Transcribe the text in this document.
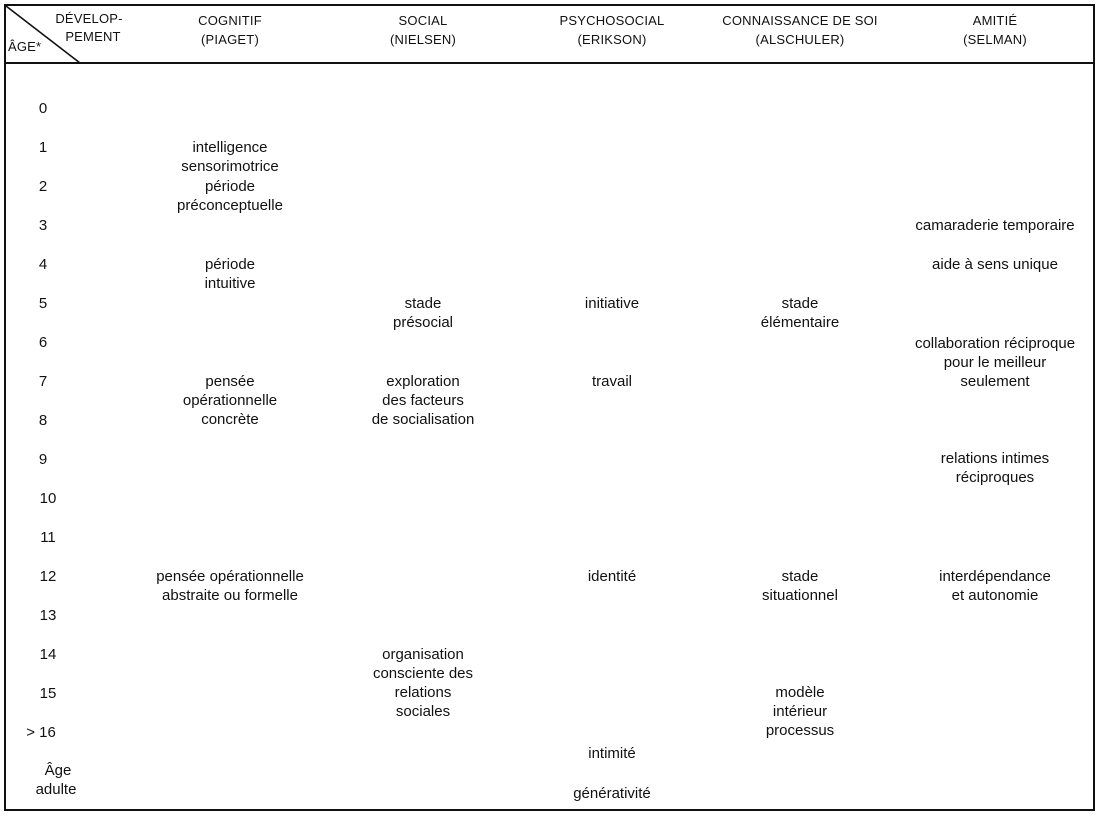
DÉVELOP-
PEMENT
ÂGE*
COGNITIF
(PIAGET)
SOCIAL
(NIELSEN)
PSYCHOSOCIAL
(ERIKSON)
CONNAISSANCE DE SOI
(ALSCHULER)
AMITIÉ
(SELMAN)
0
1
2
3
4
5
6
7
8
9
10
11
12
13
14
15
> 16
Âge
adulte
intelligence
sensorimotrice
période
préconceptuelle
période
intuitive
pensée
opérationnelle
concrète
pensée opérationnelle
abstraite ou formelle
stade
présocial
exploration
des facteurs
de socialisation
organisation
consciente des
relations
sociales
initiative
travail
identité
intimité
générativité
stade
élémentaire
stade
situationnel
modèle
intérieur
processus
camaraderie temporaire
aide à sens unique
collaboration réciproque
pour le meilleur
seulement
relations intimes
réciproques
interdépendance
et autonomie
